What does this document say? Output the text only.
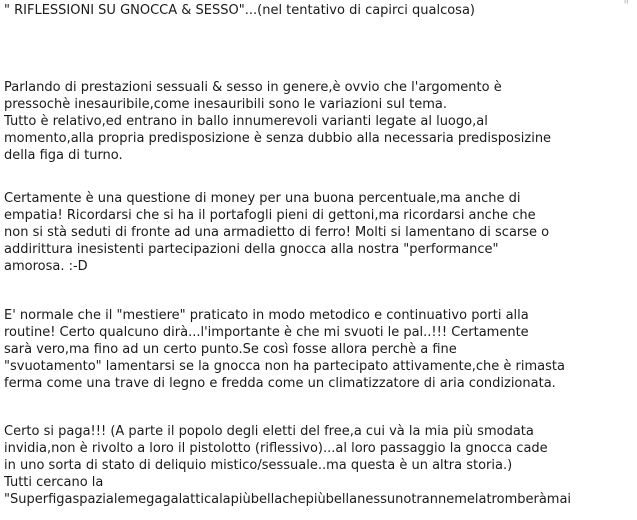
" RIFLESSIONI SU GNOCCA & SESSO"...(nel tentativo di capirci qualcosa)	"
Parlando di prestazioni sessuali & sesso in genere,è ovvio che l'argomento è
pressochè inesauribile,come inesauribili sono le variazioni sul tema.
Tutto è relativo,ed entrano in ballo innumerevoli varianti legate al luogo,al
momento,alla propria predisposizione è senza dubbio alla necessaria predisposizine
della figa di turno.
Certamente è una questione di money per una buona percentuale,ma anche di
empatia! Ricordarsi che si ha il portafogli pieni di gettoni,ma ricordarsi anche che
non si stà seduti di fronte ad una armadietto di ferro! Molti si lamentano di scarse o
addirittura inesistenti partecipazioni della gnocca alla nostra "performance"
amorosa. :-D
E' normale che il "mestiere" praticato in modo metodico e continuativo porti alla
routine! Certo qualcuno dirà...l'importante è che mi svuoti le pal..!!! Certamente
sarà vero,ma fino ad un certo punto.Se così fosse allora perchè a fine
"svuotamento" lamentarsi se la gnocca non ha partecipato attivamente,che è rimasta
ferma come una trave di legno e fredda come un climatizzatore di aria condizionata.
Certo si paga!!! (A parte il popolo degli eletti del free,a cui và la mia più smodata
invidia,non è rivolto a loro il pistolotto (riflessivo)...al loro passaggio la gnocca cade
in uno sorta di stato di deliquio mistico/sessuale..ma questa è un altra storia.)
Tutti cercano la
"Superfigaspazialemegagalatticalapiùbellachepiùbellanessunotrannemelatromberàmai
